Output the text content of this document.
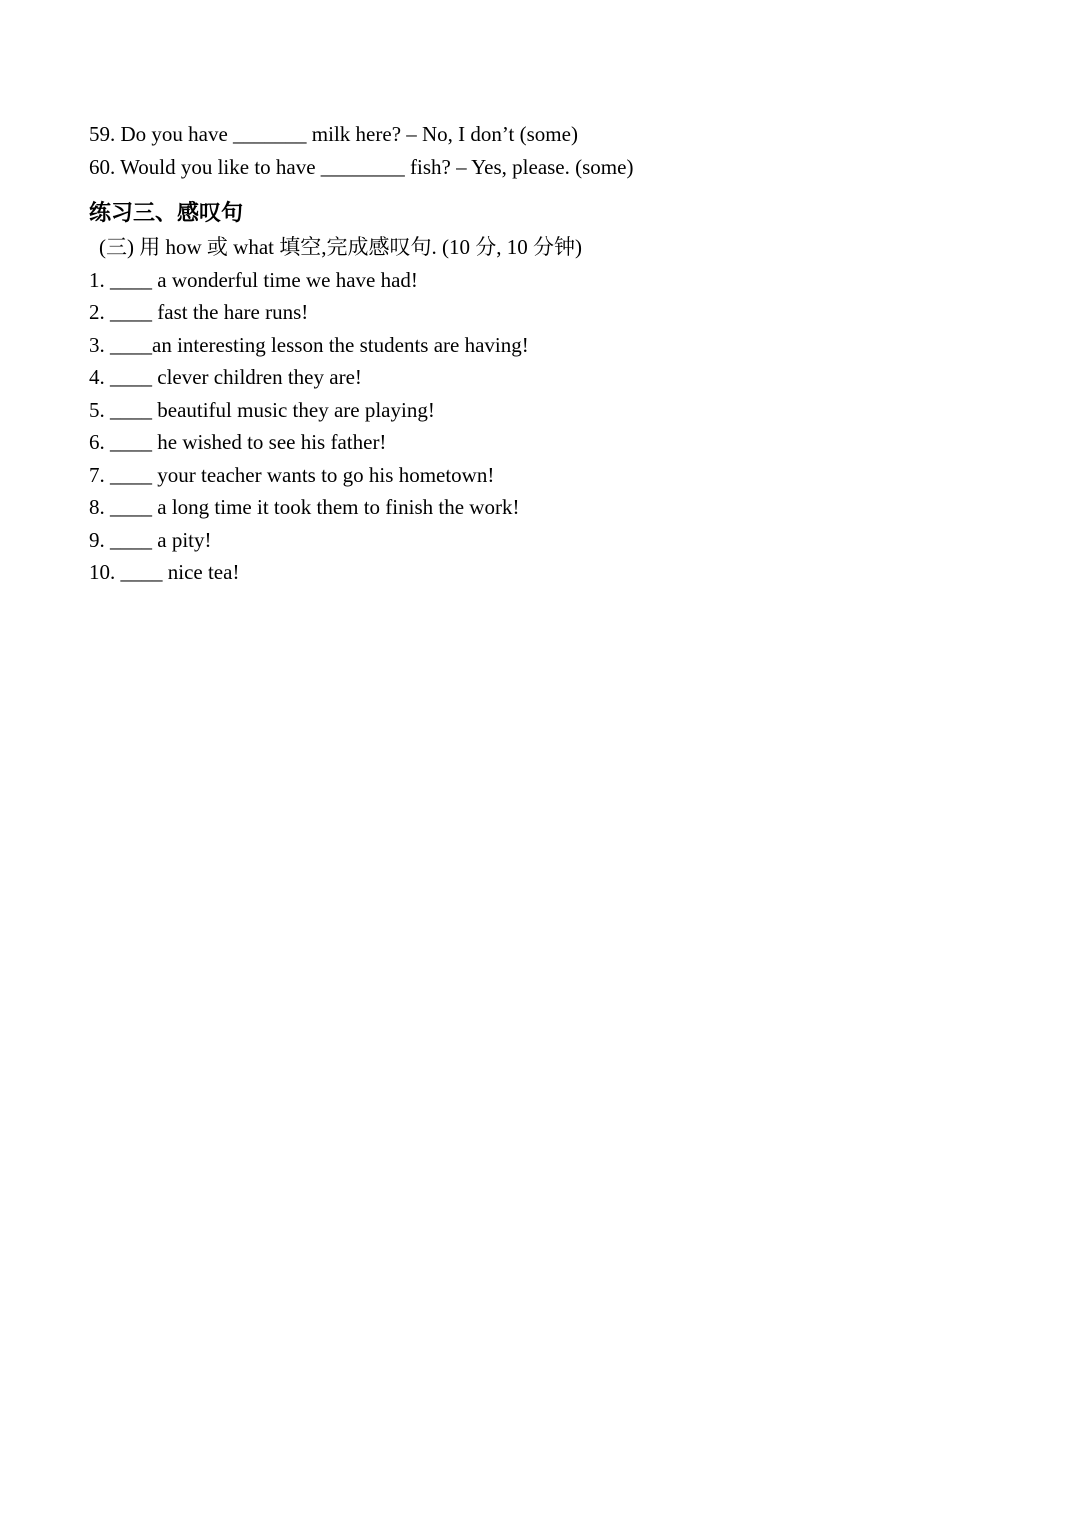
59. Do you have _______ milk here? – No, I don’t (some)
60. Would you like to have ________ fish? – Yes, please. (some)
练习三、感叹句
(三) 用 how 或 what 填空,完成感叹句. (10 分, 10 分钟)
1. ____ a wonderful time we have had!
2. ____ fast the hare runs!
3. ____an interesting lesson the students are having!
4. ____ clever children they are!
5. ____ beautiful music they are playing!
6. ____ he wished to see his father!
7. ____ your teacher wants to go his hometown!
8. ____ a long time it took them to finish the work!
9. ____ a pity!
10. ____ nice tea!
